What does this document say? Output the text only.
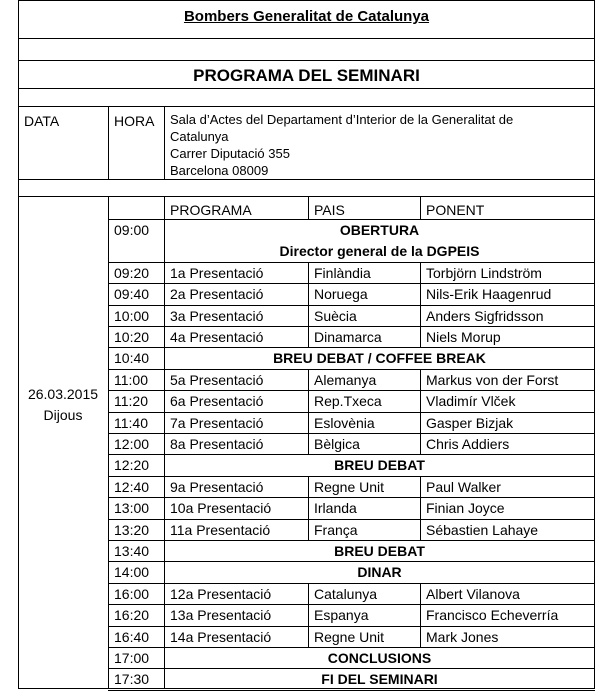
Bombers Generalitat de Catalunya
PROGRAMA DEL SEMINARI
DATA	HORA Sala d’Actes del Departament d’Interior de la Generalitat de
Catalunya
Carrer Diputació 355
Barcelona 08009
PROGRAMA	PAIS	PONENT
26.03.2015
Dijous
09:00	OBERTURA
Director general de la DGPEIS
09:20 1a Presentació	Finlàndia	Torbjörn Lindström
09:40 2a Presentació	Noruega	Nils-Erik Haagenrud
10:00 3a Presentació	Suècia	Anders Sigfridsson
10:20 4a Presentació	Dinamarca	Niels Morup
10:40	BREU DEBAT / COFFEE BREAK
11:00 5a Presentació	Alemanya	Markus von der Forst
11:20 6a Presentació	Rep.Txeca	Vladimír Vlček
11:40 7a Presentació	Eslovènia	Gasper Bizjak
12:00 8a Presentació	Bèlgica	Chris Addiers
12:20	BREU DEBAT
12:40 9a Presentació	Regne Unit	Paul Walker
13:00 10a Presentació	Irlanda	Finian Joyce
13:20 11a Presentació	França	Sébastien Lahaye
13:40	BREU DEBAT
14:00	DINAR
16:00 12a Presentació	Catalunya	Albert Vilanova
16:20 13a Presentació	Espanya	Francisco Echeverría
16:40 14a Presentació	Regne Unit	Mark Jones
17:00	CONCLUSIONS
17:30	FI DEL SEMINARI
